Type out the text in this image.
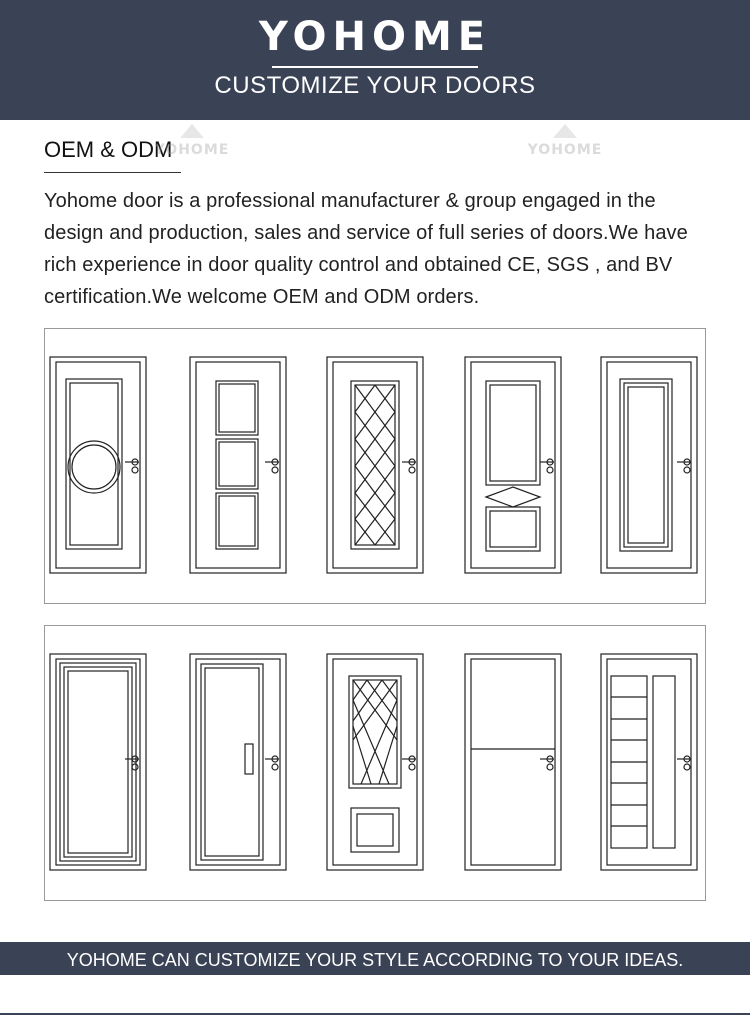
YOHOME
CUSTOMIZE YOUR DOORS
OEM & ODM
Yohome door is a professional manufacturer & group engaged in the design and production, sales and service of full series of doors.We have rich experience in door quality control and obtained CE, SGS , and BV certification.We welcome OEM and ODM orders.
YOHOME	YOHOME
YOHOME CAN CUSTOMIZE YOUR STYLE ACCORDING TO YOUR IDEAS.
